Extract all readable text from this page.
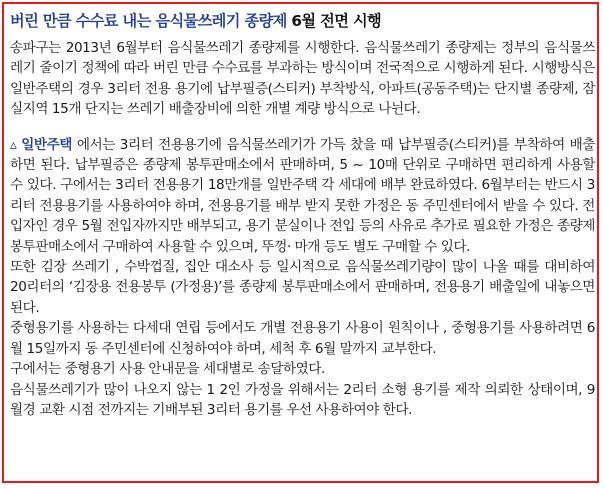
버린 만큼 수수료 내는 음식물쓰레기 종량제 6월 전면 시행

송파구는 2013년 6월부터 음식물쓰레기 종량제를 시행한다. 음식물쓰레기 종량제는 정부의 음식물쓰레기 줄이기 정책에 따라 버린 만큼 수수료를 부과하는 방식이며 전국적으로 시행하게 된다. 시행방식은 일반주택의 경우 3리터 전용 용기에 납부필증(스티커) 부착방식, 아파트(공동주택)는 단지별 종량제, 잠실지역 15개 단지는 쓰레기 배출장비에 의한 개별 계량 방식으로 나뉜다.

▵ 일반주택 에서는 3리터 전용용기에 음식물쓰레기가 가득 찼을 때 납부필증(스티커)를 부착하여 배출하면 된다. 납부필증은 종량제 봉투판매소에서 판매하며, 5 ~ 10매 단위로 구매하면 편리하게 사용할 수 있다. 구에서는 3리터 전용용기 18만개를 일반주택 각 세대에 배부 완료하였다. 6월부터는 반드시 3리터 전용용기를 사용하여야 하며, 전용용기를 배부 받지 못한 가정은 동 주민센터에서 받을 수 있다. 전입자인 경우 5월 전입자까지만 배부되고, 용기 분실이나 전입 등의 사유로 추가로 필요한 가정은 종량제 봉투판매소에서 구매하여 사용할 수 있으며, 뚜껑· 마개 등도 별도 구매할 수 있다.

또한 김장 쓰레기 , 수박껍질, 집안 대소사 등 일시적으로 음식물쓰레기량이 많이 나올 때를 대비하여 20리터의 ‘김장용 전용봉투 (가정용)’를 종량제 봉투판매소에서 판매하며, 전용용기 배출일에 내놓으면 된다.

중형용기를 사용하는 다세대 연립 등에서도 개별 전용용기 사용이 원칙이나 , 중형용기를 사용하려면 6월 15일까지 동 주민센터에 신청하여야 하며, 세척 후 6월 말까지 교부한다.

구에서는 중형용기 사용 안내문을 세대별로 송달하였다.

음식물쓰레기가 많이 나오지 않는 1 2인 가정을 위해서는 2리터 소형 용기를 제작 의뢰한 상태이며, 9월경 교환 시점 전까지는 기배부된 3리터 용기를 우선 사용하여야 한다.
